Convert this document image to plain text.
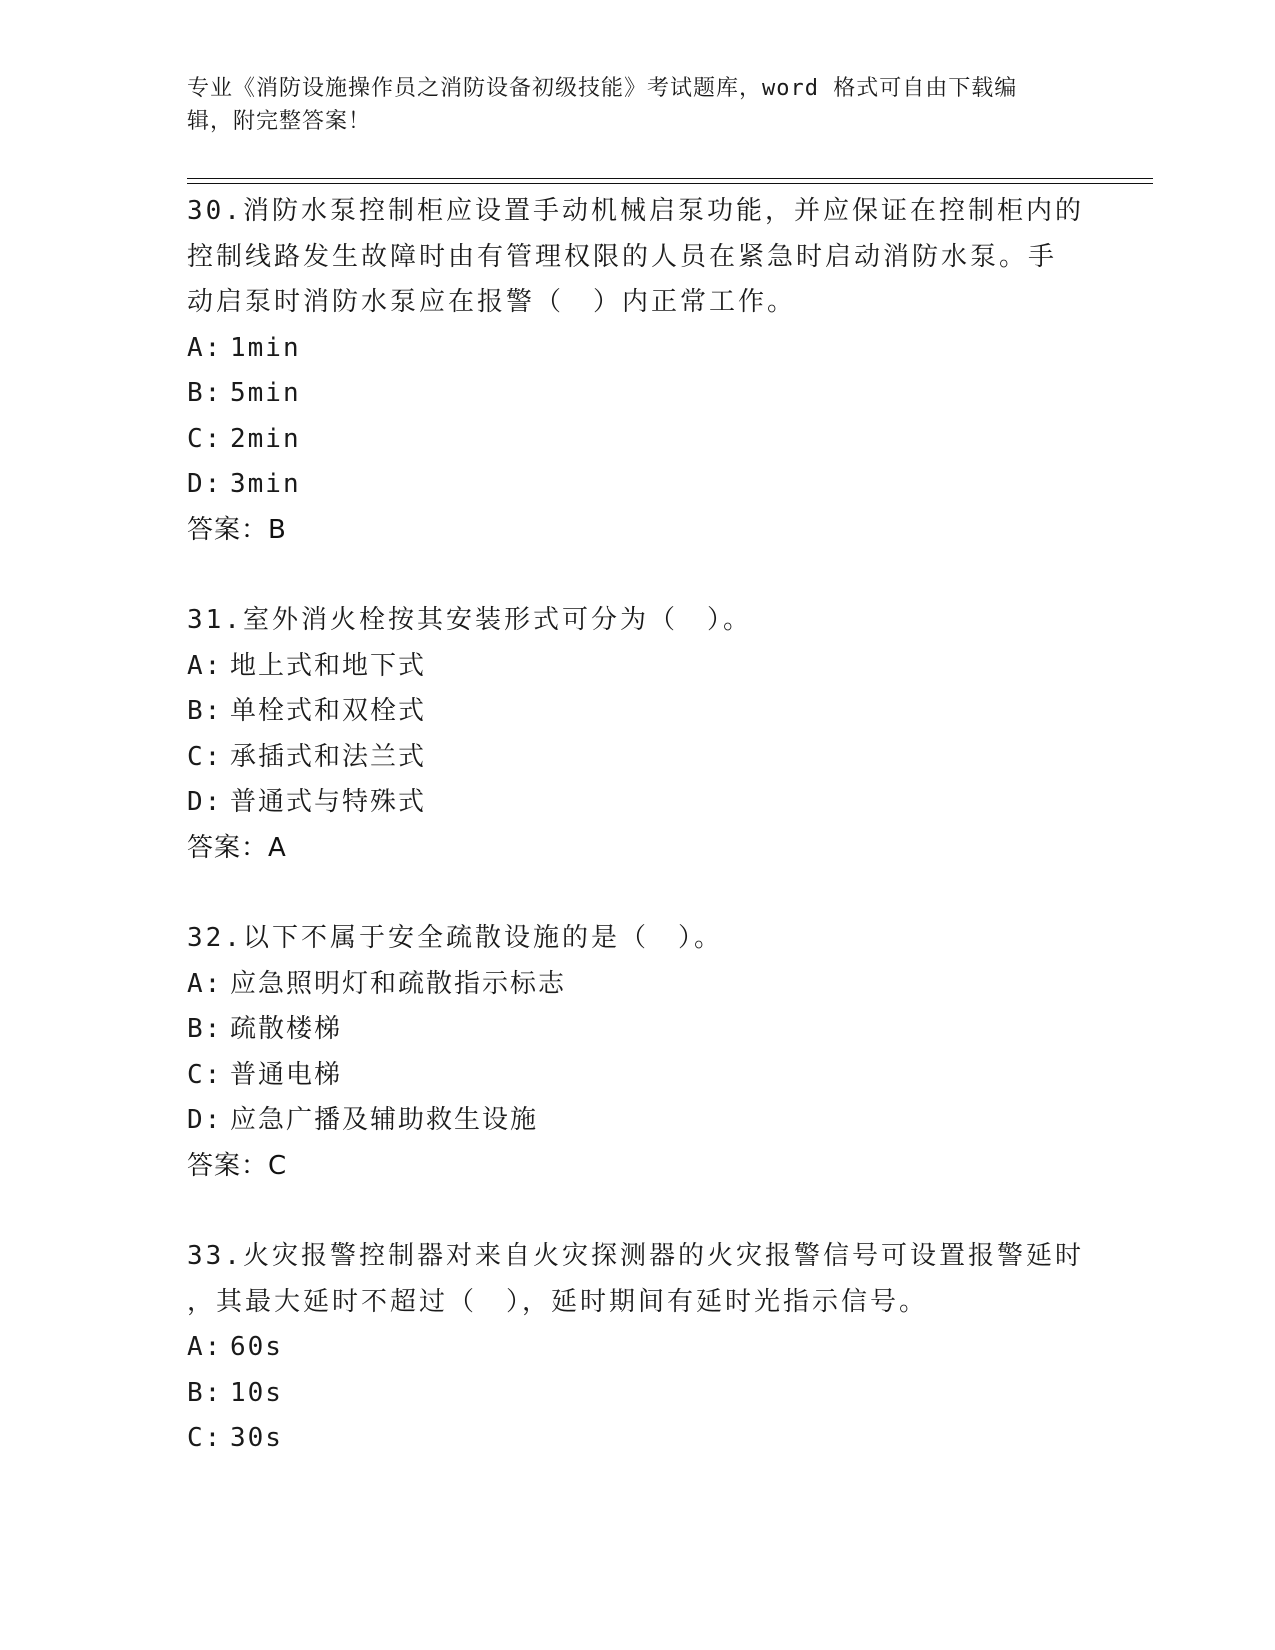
专业《消防设施操作员之消防设备初级技能》考试题库，word 格式可自由下载编
辑，附完整答案！
30.消防水泵控制柜应设置手动机械启泵功能，并应保证在控制柜内的
控制线路发生故障时由有管理权限的人员在紧急时启动消防水泵。手
动启泵时消防水泵应在报警（　）内正常工作。
A: 1min
B: 5min
C: 2min
D: 3min
答案：B
31.室外消火栓按其安装形式可分为（　）。
A: 地上式和地下式
B: 单栓式和双栓式
C: 承插式和法兰式
D: 普通式与特殊式
答案：A
32.以下不属于安全疏散设施的是（　）。
A: 应急照明灯和疏散指示标志
B: 疏散楼梯
C: 普通电梯
D: 应急广播及辅助救生设施
答案：C
33.火灾报警控制器对来自火灾探测器的火灾报警信号可设置报警延时
，其最大延时不超过（　），延时期间有延时光指示信号。
A: 60s
B: 10s
C: 30s
